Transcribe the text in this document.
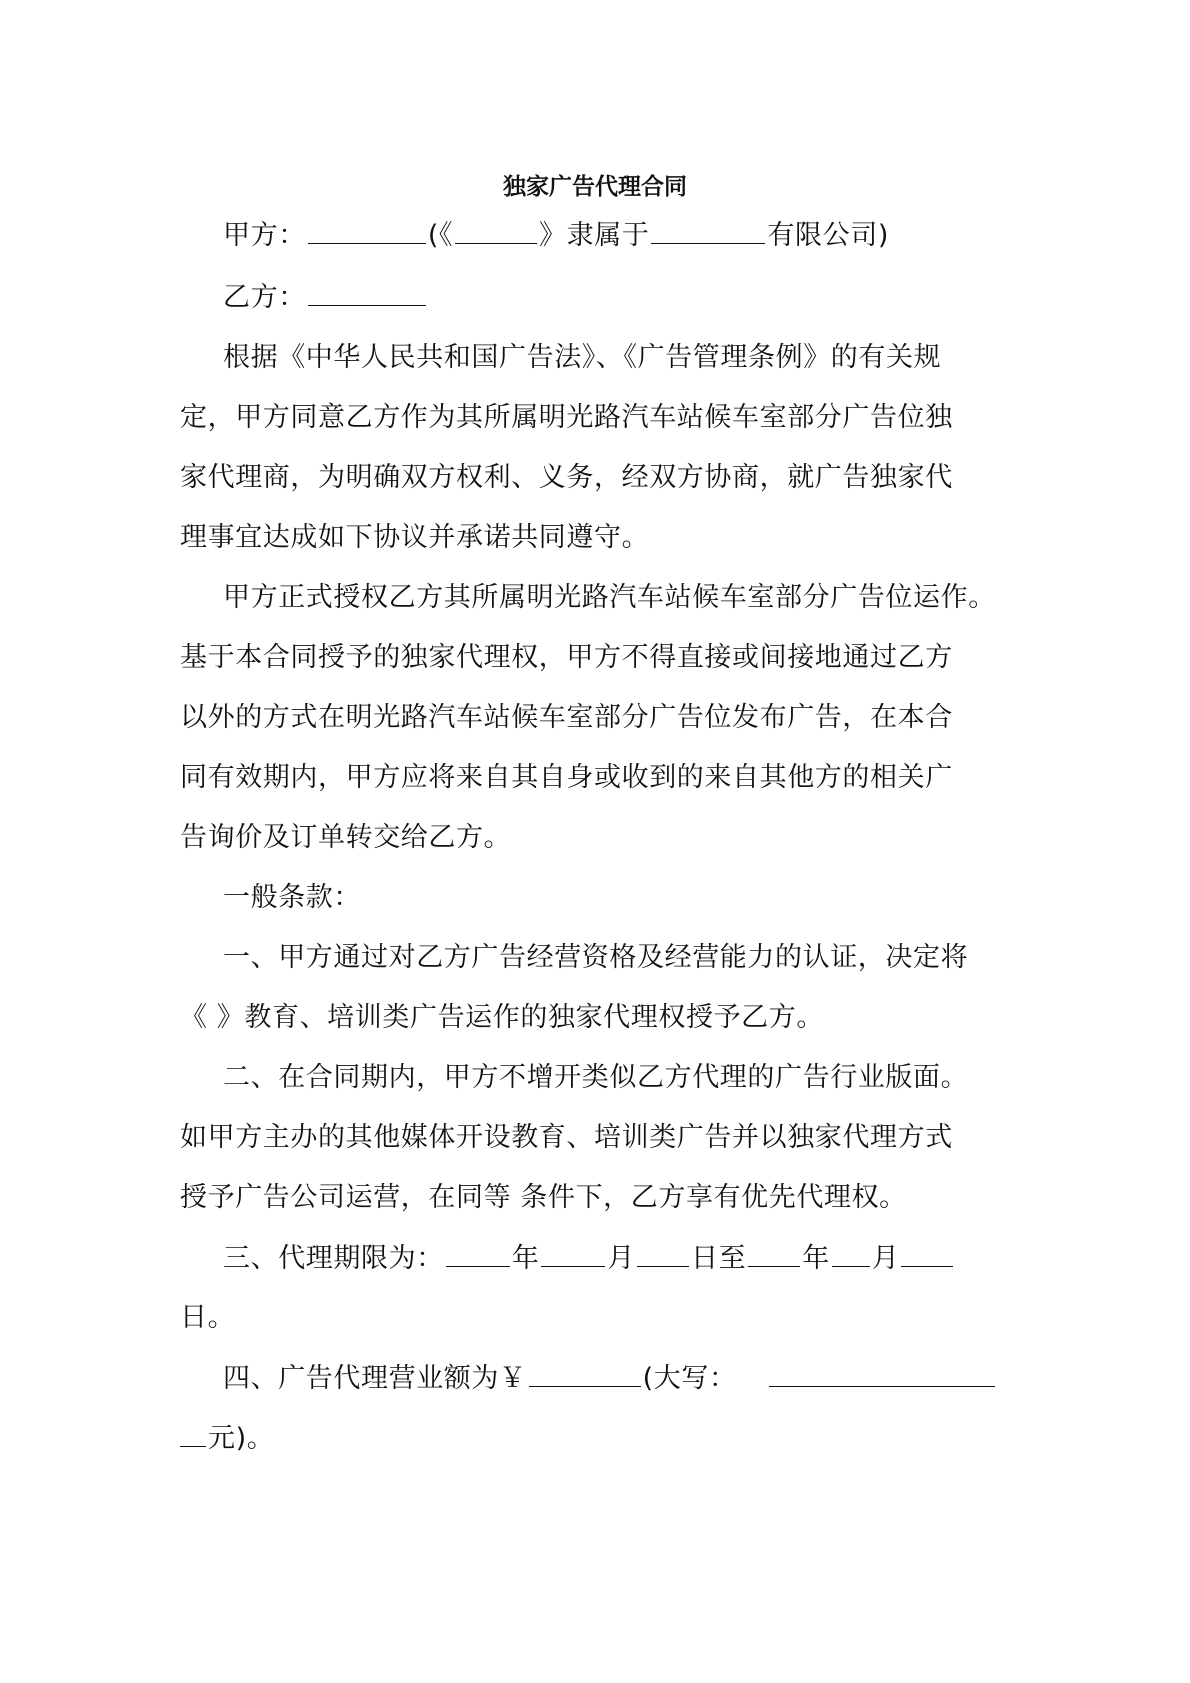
独家广告代理合同
甲方：	(《	》隶属于	有限公司)
乙方：
根据《中华人民共和国广告法》、《广告管理条例》的有关规
定，甲方同意乙方作为其所属明光路汽车站候车室部分广告位独
家代理商，为明确双方权利、义务，经双方协商，就广告独家代
理事宜达成如下协议并承诺共同遵守。
甲方正式授权乙方其所属明光路汽车站候车室部分广告位运作。
基于本合同授予的独家代理权，甲方不得直接或间接地通过乙方
以外的方式在明光路汽车站候车室部分广告位发布广告，在本合
同有效期内，甲方应将来自其自身或收到的来自其他方的相关广
告询价及订单转交给乙方。
一般条款：
一、甲方通过对乙方广告经营资格及经营能力的认证，决定将
《 》教育、培训类广告运作的独家代理权授予乙方。
二、在合同期内，甲方不增开类似乙方代理的广告行业版面。
如甲方主办的其他媒体开设教育、培训类广告并以独家代理方式
授予广告公司运营，在同等 条件下，乙方享有优先代理权。
三、代理期限为：	年	月 日至 年 月
日。
四、广告代理营业额为￥	(大写：
元)。
